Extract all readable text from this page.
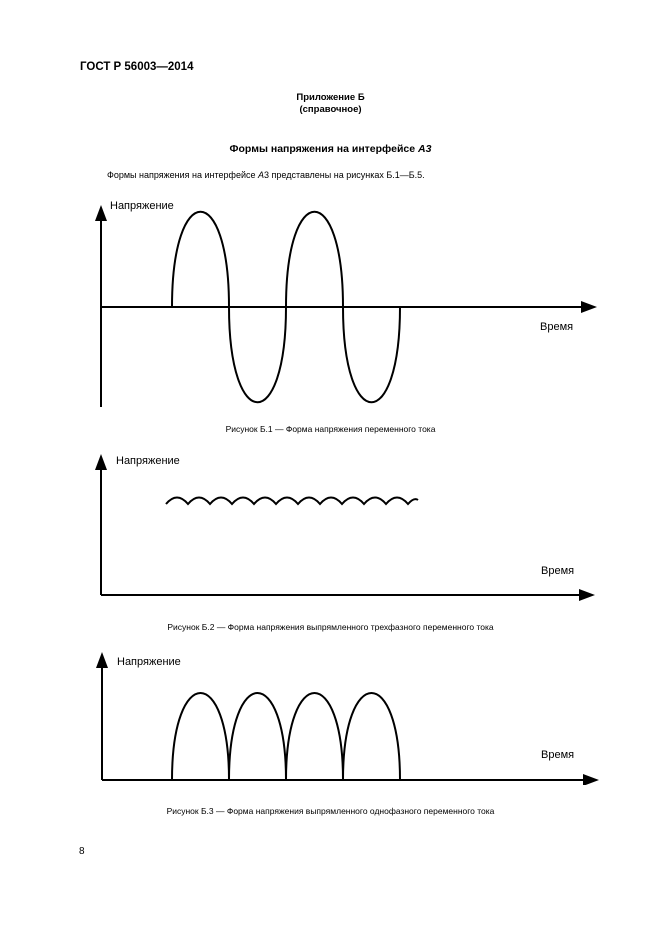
ГОСТ Р 56003—2014
Приложение Б
(справочное)
Формы напряжения на интерфейсе А3
Формы напряжения на интерфейсе А3 представлены на рисунках Б.1—Б.5.
Напряжение
Время
Рисунок Б.1 — Форма напряжения переменного тока
Напряжение
Время
Рисунок Б.2 — Форма напряжения выпрямленного трехфазного переменного тока
Напряжение
Время
Рисунок Б.3 — Форма напряжения выпрямленного однофазного переменного тока
8
